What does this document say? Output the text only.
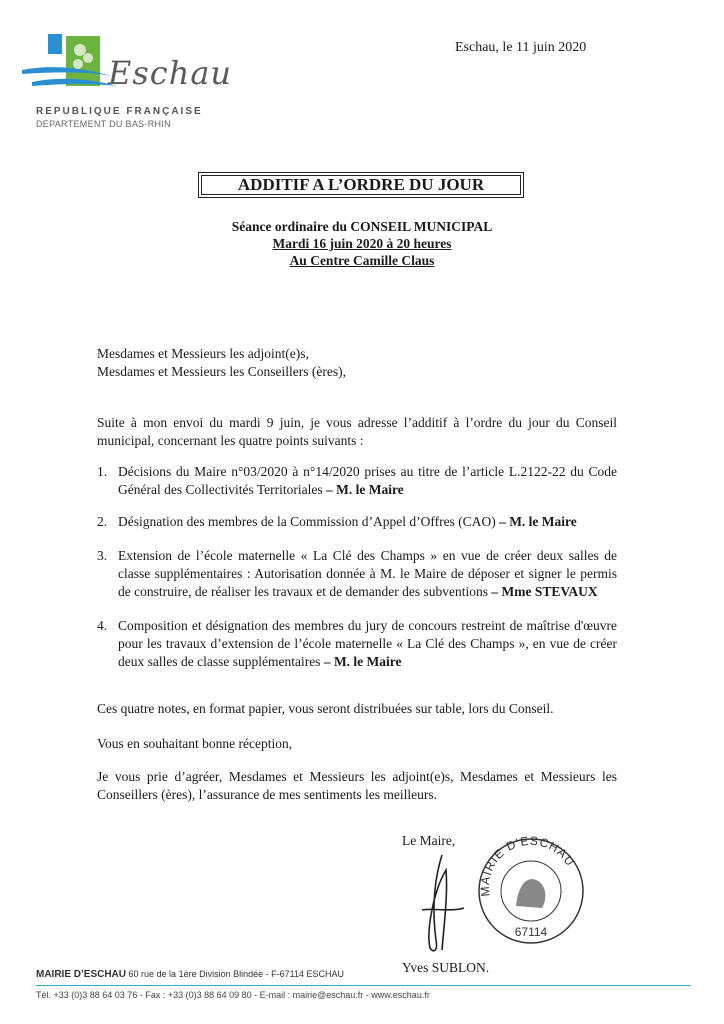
Eschau, le 11 juin 2020
Eschau
REPUBLIQUE FRANÇAISE
DEPARTEMENT DU BAS-RHIN
ADDITIF A L’ORDRE DU JOUR
Séance ordinaire du CONSEIL MUNICIPAL
Mardi 16 juin 2020 à 20 heures
Au Centre Camille Claus
Mesdames et Messieurs les adjoint(e)s,
Mesdames et Messieurs les Conseillers (ères),
Suite à mon envoi du mardi 9 juin, je vous adresse l’additif à l’ordre du jour du Conseil municipal, concernant les quatre points suivants :
1. Décisions du Maire n°03/2020 à n°14/2020 prises au titre de l’article L.2122-22 du Code Général des Collectivités Territoriales – M. le Maire
2. Désignation des membres de la Commission d’Appel d’Offres (CAO) – M. le Maire
3. Extension de l’école maternelle « La Clé des Champs » en vue de créer deux salles de classe supplémentaires : Autorisation donnée à M. le Maire de déposer et signer le permis de construire, de réaliser les travaux et de demander des subventions – Mme STEVAUX
4. Composition et désignation des membres du jury de concours restreint de maîtrise d'œuvre pour les travaux d’extension de l’école maternelle « La Clé des Champs », en vue de créer deux salles de classe supplémentaires – M. le Maire
Ces quatre notes, en format papier, vous seront distribuées sur table, lors du Conseil.
Vous en souhaitant bonne réception,
Je vous prie d’agréer, Mesdames et Messieurs les adjoint(e)s, Mesdames et Messieurs les Conseillers (ères), l’assurance de mes sentiments les meilleurs.
Le Maire,
MAIRIE D'ESCHAU
67114
Yves SUBLON.
MAIRIE D’ESCHAU 60 rue de la 1ère Division Blindée - F-67114 ESCHAU
Tél. +33 (0)3 88 64 03 76 - Fax : +33 (0)3 88 64 09 80 - E-mail : mairie@eschau.fr - www.eschau.fr
